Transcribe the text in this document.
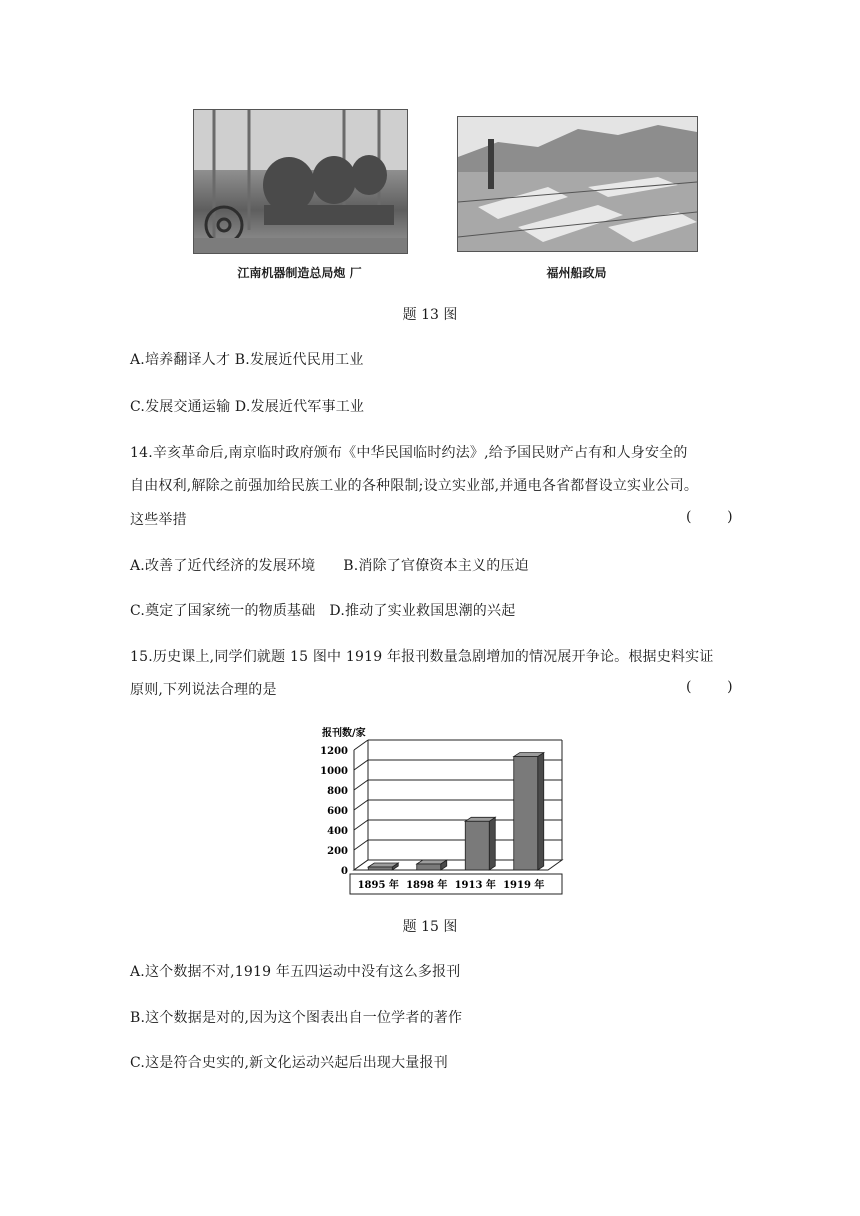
江南机器制造总局炮 厂	福州船政局
题 13 图
A.培养翻译人才 B.发展近代民用工业
C.发展交通运输 D.发展近代军事工业
14.辛亥革命后,南京临时政府颁布《中华民国临时约法》,给予国民财产占有和人身安全的
自由权利,解除之前强加给民族工业的各种限制;设立实业部,并通电各省都督设立实业公司。
这些举措	(        )
A.改善了近代经济的发展环境      B.消除了官僚资本主义的压迫
C.奠定了国家统一的物质基础   D.推动了实业救国思潮的兴起
15.历史课上,同学们就题 15 图中 1919 年报刊数量急剧增加的情况展开争论。根据史料实证
原则,下列说法合理的是	(        )
报刊数/家
0
200
400
600
800
1000
1200
1895 年 1898 年 1913 年 1919 年
题 15 图
A.这个数据不对,1919 年五四运动中没有这么多报刊
B.这个数据是对的,因为这个图表出自一位学者的著作
C.这是符合史实的,新文化运动兴起后出现大量报刊
